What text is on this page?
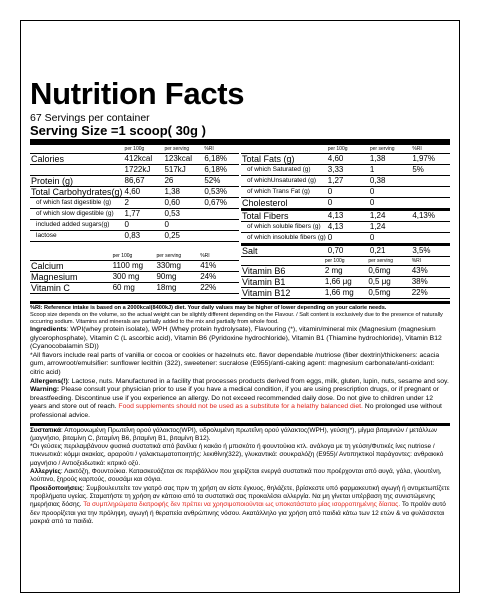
Nutrition Facts
67 Servings per container
Serving Size =1 scoop( 30g )
	per 100g	per serving	%RI
Calories	412kcal	123kcal	6,18%
	1722kJ	517kJ	6,18%
Protein (g)	86,67	26	52%
Total Carbohydrates(g)	4,60	1,38	0,53%
of which fast digestible (g)	2	0,60	0,67%
of which slow digestible (g)	1,77	0,53	
included added sugars(g)	0	0	
lactose	0,83	0,25	

	per 100g	per serving	%RI
Calcium	1100 mg	330mg	41%
Magnesium	300 mg	90mg	24%
Vitamin C	60 mg	18mg	22%
	per 100g	per serving	%RI
Total Fats (g)	4,60	1,38	1,97%
of which Saturated (g)	3,33	1	5%
of whichUnsaturated (g)	1,27	0,38	
of which Trans Fat (g)	0	0	
Cholesterol	0	0	
Total Fibers	4,13	1,24	4,13%
of which soluble fibers (g)	4,13	1,24	
of which insoluble fibers (g)	0	0	
Salt	0,70	0,21	3,5%
	per 100g	per serving	%RI
Vitamin B6	2 mg	0,6mg	43%
Vitamin B1	1,66 μg	0,5 μg	38%
Vitamin B12	1,66 mg	0,5mg	22%

%RI: Reference intake is based on a 2000kcal(8400kJ) diet. Your daily values may be higher of lower depending on your calorie needs.

Scoop size depends on the volume, so the actual weight can be slightly different depending on the Flavour. / Salt content is exclusively due to the presence of naturally occurring sodium. Vitamins and minerals are partially added to the mix and partially from whole food.

Ingredients: WPI(whey protein isolate), WPH (Whey protein hydrolysate), Flavouring (*), vitamin/mineral mix (Magnesium (magnesium glycerophosphate), Vitamin C (L ascorbic acid), Vitamin B6 (Pyridoxine hydrochloride), Vitamin B1 (Thiamine hydrochloride), Vitamin B12 (Cyanocobalamin SD))

*All flavors include real parts of vanilla or cocoa or cookies or hazelnuts etc. flavor dependable /nutriose (fiber dextrin)/thickeners: acacia gum, arrowroot/emulsifier: sunflower lecithin (322), sweetener: sucralose (E955)/anti-caking agent: magnesium carbonate/anti-oxidant: citric acid)

Allergens(!): Lactose, nuts. Manufactured in a facility that processes products derived from eggs, milk, gluten, lupin, nuts, sesame and soy.

Warning: Please consult your physician prior to use if you have a medical condition, if you are using prescription drugs, or if pregnant or breastfeeding. Discontinue use if you experience an allergy. Do not exceed recommended daily dose. Do not give to children under 12 years and store out of reach. Food supplements should not be used as a substitute for a helathy balanced diet. No prolonged use without professional advice.

Συστατικά: Απομονωμένη Πρωτεΐνη ορού γάλακτος(WPI), υδρολυμένη πρωτεΐνη ορού γάλακτος(WPH), γεύση(*), μίγμα βιταμινών / μετάλλων (μαγνήσιο, βιταμίνη C, βιταμίνη B6, βιταμίνη B1, βιταμίνη B12).

*Οι γεύσεις περιλαμβάνουν φυσικά συστατικά από βανίλια ή κακάο ή μπισκότο ή φουντούκια κτλ. ανάλογα με τη γεύση/Φυτικές ίνες nutriose / πυκνωτικά: κόμμι ακακίας, αραρούτι / γαλακτωματοποιητής: λεκιθίνη(322), γλυκαντικά: σουκραλόζη (E955)/ Αντιπηκτικοί παράγοντες: ανθρακικό μαγνήσιο / Αντιοξειδωτικά: κιτρικό οξύ.

Αλλεργίες: Λακτόζη, Φουντούκια. Κατασκευάζεται σε περιβάλλον που χειρίζεται ενεργά συστατικά που προέρχονται από αυγά, γάλα, γλουτένη, λούπινο, ξηρούς καρπούς, σουσάμι και σόγια.

Προειδοποιήσεις: Συμβουλευτείτε τον γιατρό σας πριν τη χρήση αν είστε έγκυος, θηλάζετε, βρίσκεστε υπό φαρμακευτική αγωγή ή αντιμετωπίζετε προβλήματα υγείας. Σταματήστε τη χρήση αν κάποιο από τα συστατικά σας προκαλέσει αλλεργία. Να μη γίνεται υπέρβαση της συνιστώμενης ημερήσιας δόσης. Τα συμπληρώματα διατροφής δεν πρέπει να χρησιμοποιούνται ως υποκατάστατο μίας ισορροπημένης δίαιτας. Το προϊόν αυτό δεν προορίζεται για την πρόληψη, αγωγή ή θεραπεία ανθρώπινης νόσου. Ακατάλληλο για χρήση από παιδιά κάτω των 12 ετών & να φυλάσσεται μακριά από τα παιδιά.
